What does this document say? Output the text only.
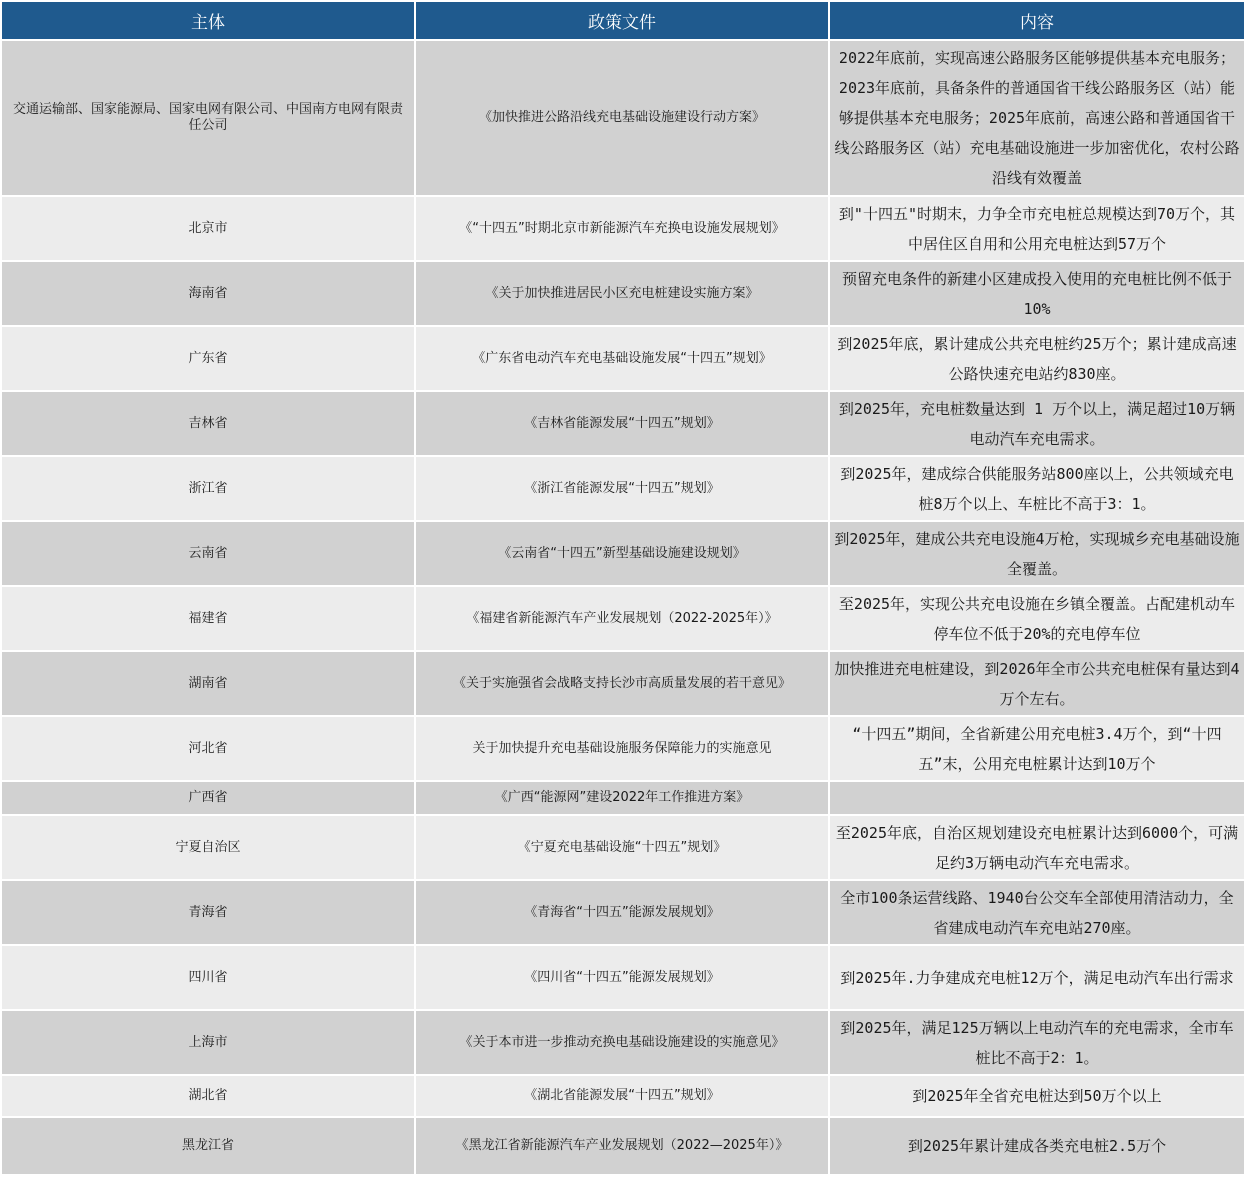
主体	政策文件	内容
交通运输部、国家能源局、国家电网有限公司、中国南方电网有限责任公司	《加快推进公路沿线充电基础设施建设行动方案》	2022年底前，实现高速公路服务区能够提供基本充电服务；2023年底前，具备条件的普通国省干线公路服务区（站）能够提供基本充电服务；2025年底前，高速公路和普通国省干线公路服务区（站）充电基础设施进一步加密优化，农村公路沿线有效覆盖
北京市	《“十四五”时期北京市新能源汽车充换电设施发展规划》	到"十四五"时期末，力争全市充电桩总规模达到70万个，其中居住区自用和公用充电桩达到57万个
海南省	《关于加快推进居民小区充电桩建设实施方案》	预留充电条件的新建小区建成投入使用的充电桩比例不低于10%
广东省	《广东省电动汽车充电基础设施发展“十四五”规划》	到2025年底，累计建成公共充电桩约25万个；累计建成高速公路快速充电站约830座。
吉林省	《吉林省能源发展“十四五”规划》	到2025年，充电桩数量达到 1 万个以上，满足超过10万辆电动汽车充电需求。
浙江省	《浙江省能源发展“十四五”规划》	到2025年，建成综合供能服务站800座以上，公共领域充电桩8万个以上、车桩比不高于3：1。
云南省	《云南省“十四五”新型基础设施建设规划》	到2025年，建成公共充电设施4万枪，实现城乡充电基础设施全覆盖。
福建省	《福建省新能源汽车产业发展规划（2022-2025年）》	至2025年，实现公共充电设施在乡镇全覆盖。占配建机动车停车位不低于20%的充电停车位
湖南省	《关于实施强省会战略支持长沙市高质量发展的若干意见》	加快推进充电桩建设，到2026年全市公共充电桩保有量达到4万个左右。
河北省	关于加快提升充电基础设施服务保障能力的实施意见	“十四五”期间，全省新建公用充电桩3.4万个，到“十四五”末，公用充电桩累计达到10万个
广西省	《广西“能源网”建设2022年工作推进方案》	
宁夏自治区	《宁夏充电基础设施“十四五”规划》	至2025年底，自治区规划建设充电桩累计达到6000个，可满足约3万辆电动汽车充电需求。
青海省	《青海省“十四五”能源发展规划》	全市100条运营线路、1940台公交车全部使用清洁动力，全省建成电动汽车充电站270座。
四川省	《四川省“十四五”能源发展规划》	到2025年.力争建成充电桩12万个，满足电动汽车出行需求
上海市	《关于本市进一步推动充换电基础设施建设的实施意见》	到2025年，满足125万辆以上电动汽车的充电需求，全市车桩比不高于2：1。
湖北省	《湖北省能源发展“十四五”规划》	到2025年全省充电桩达到50万个以上
黑龙江省	《黑龙江省新能源汽车产业发展规划（2022—2025年）》	到2025年累计建成各类充电桩2.5万个
